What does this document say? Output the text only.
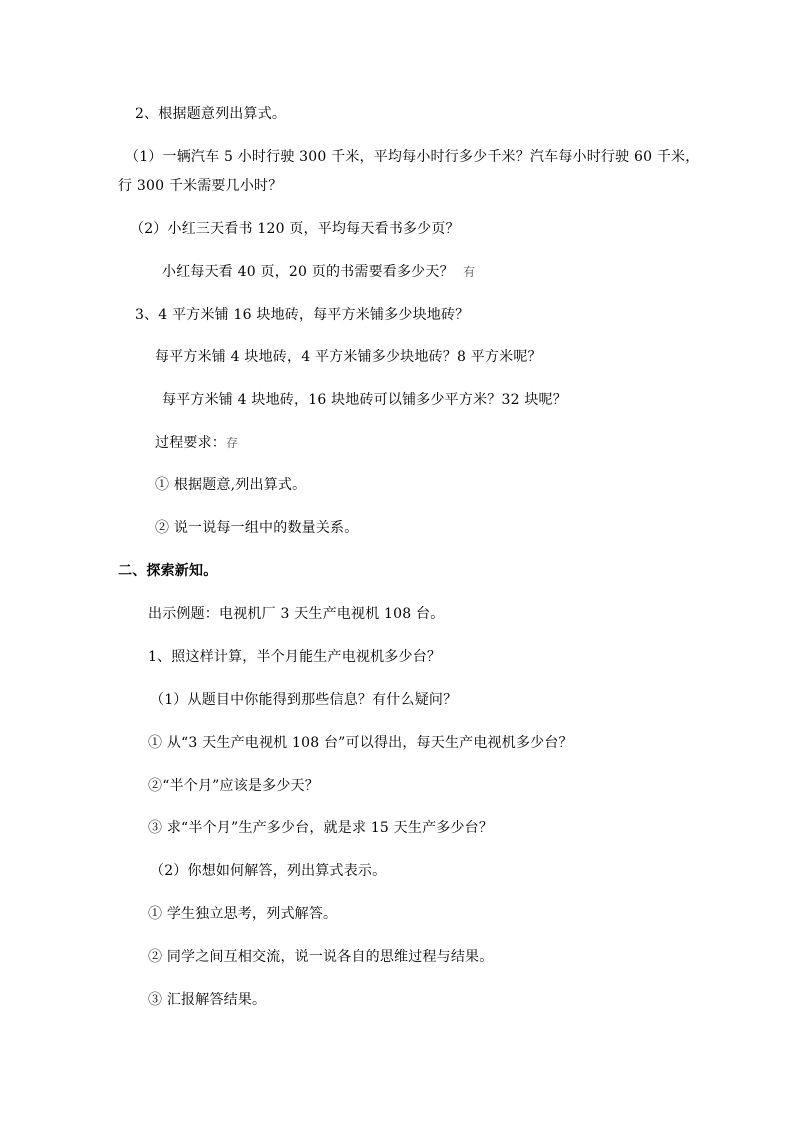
2、根据题意列出算式。
（1）一辆汽车 5 小时行驶 300 千米，平均每小时行多少千米？汽车每小时行驶 60 千米，
行 300 千米需要几小时？
（2）小红三天看书 120 页，平均每天看书多少页？
小红每天看 40 页，20 页的书需要看多少天？ 有
3、4 平方米铺 16 块地砖，每平方米铺多少块地砖？
每平方米铺 4 块地砖，4 平方米铺多少块地砖？8 平方米呢？
每平方米铺 4 块地砖，16 块地砖可以铺多少平方米？32 块呢？
过程要求：存
① 根据题意,列出算式。
② 说一说每一组中的数量关系。
二、探索新知。
出示例题：电视机厂 3 天生产电视机 108 台。
1、照这样计算，半个月能生产电视机多少台？
（1）从题目中你能得到那些信息？有什么疑问？
① 从“3 天生产电视机 108 台”可以得出，每天生产电视机多少台？
②“半个月”应该是多少天？
③ 求“半个月”生产多少台，就是求 15 天生产多少台？
（2）你想如何解答，列出算式表示。
① 学生独立思考，列式解答。
② 同学之间互相交流，说一说各自的思维过程与结果。
③ 汇报解答结果。
